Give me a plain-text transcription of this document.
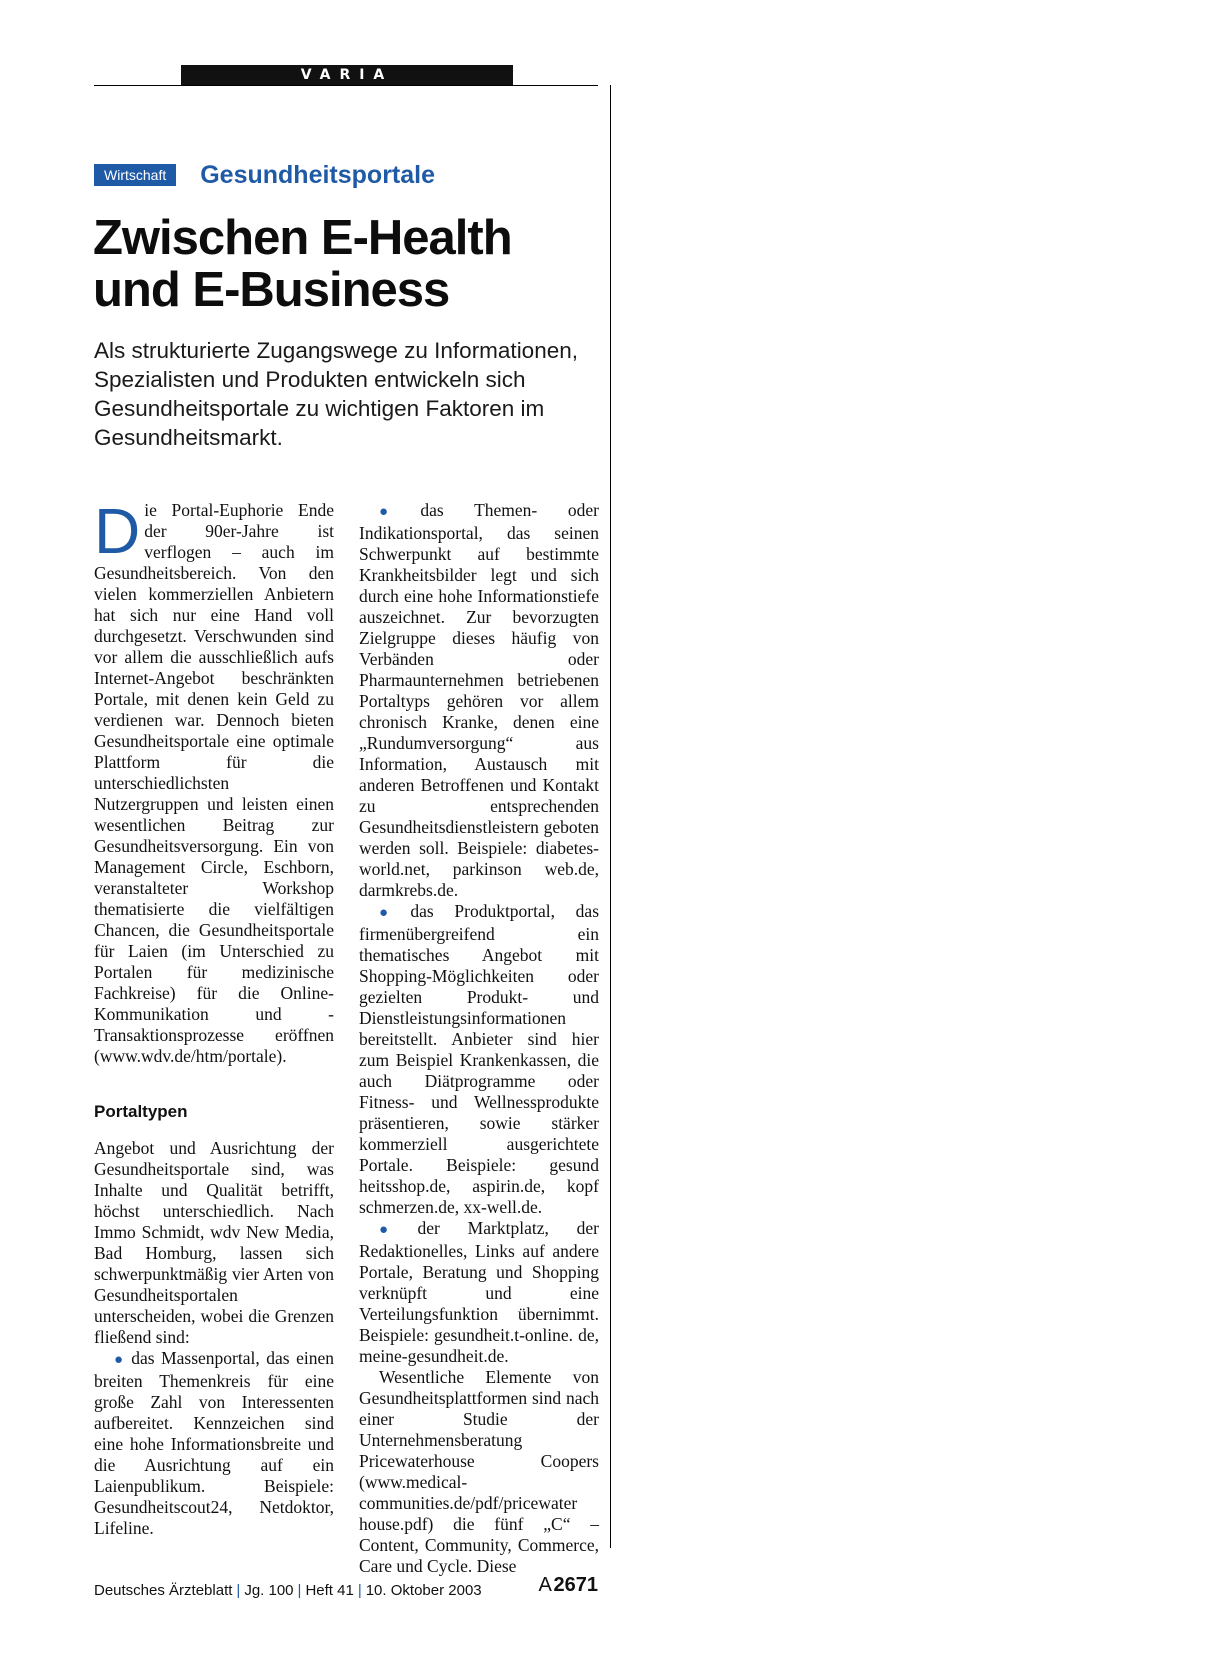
VARIA
Wirtschaft	Gesundheitsportale
Zwischen E-Health
und E-Business

Als strukturierte Zugangswege zu Informationen, Spezialisten und Produkten entwickeln sich Gesundheitsportale zu wichtigen Faktoren im Gesundheitsmarkt.

Die Portal-Euphorie Ende der 90er-Jahre ist verflogen – auch im Gesundheitsbereich. Von den vielen kommerziellen Anbietern hat sich nur eine Hand voll durchgesetzt. Verschwunden sind vor allem die ausschließlich aufs Internet-Angebot beschränkten Portale, mit denen kein Geld zu verdienen war. Dennoch bieten Gesundheitsportale eine optimale Plattform für die unterschiedlichsten Nutzergruppen und leisten einen wesentlichen Beitrag zur Gesundheitsversorgung. Ein von Management Circle, Eschborn, veranstalteter Workshop thematisierte die vielfältigen Chancen, die Gesundheitsportale für Laien (im Unterschied zu Portalen für medizinische Fachkreise) für die Online-Kommunikation und -Transaktionsprozesse eröffnen (www.wdv.de/htm/portale).

Portaltypen

Angebot und Ausrichtung der Gesundheitsportale sind, was Inhalte und Qualität betrifft, höchst unterschiedlich. Nach Immo Schmidt, wdv New Media, Bad Homburg, lassen sich schwerpunktmäßig vier Arten von Gesundheitsportalen unterscheiden, wobei die Grenzen fließend sind:

● das Massenportal, das einen breiten Themenkreis für eine große Zahl von Interessenten aufbereitet. Kennzeichen sind eine hohe Informationsbreite und die Ausrichtung auf ein Laienpublikum. Beispiele: Gesundheitscout24, Netdoktor, Lifeline.

● das Themen- oder Indikationsportal, das seinen Schwerpunkt auf bestimmte Krankheitsbilder legt und sich durch eine hohe Informationstiefe auszeichnet. Zur bevorzugten Zielgruppe dieses häufig von Verbänden oder Pharmaunternehmen betriebenen Portaltyps gehören vor allem chronisch Kranke, denen eine „Rundumversorgung“ aus Information, Austausch mit anderen Betroffenen und Kontakt zu entsprechenden Gesundheitsdienstleistern geboten werden soll. Beispiele: diabetes-world.net, parkinson web.de, darmkrebs.de.

● das Produktportal, das firmenübergreifend ein thematisches Angebot mit Shopping-Möglichkeiten oder gezielten Produkt- und Dienstleistungsinformationen bereitstellt. Anbieter sind hier zum Beispiel Krankenkassen, die auch Diätprogramme oder Fitness- und Wellnessprodukte präsentieren, sowie stärker kommerziell ausgerichtete Portale. Beispiele: gesund heitsshop.de, aspirin.de, kopf schmerzen.de, xx-well.de.

● der Marktplatz, der Redaktionelles, Links auf andere Portale, Beratung und Shopping verknüpft und eine Verteilungsfunktion übernimmt. Beispiele: gesundheit.t-online. de, meine-gesundheit.de.

Wesentliche Elemente von Gesundheitsplattformen sind nach einer Studie der Unternehmensberatung Pricewaterhouse Coopers (www.medical-communities.de/pdf/pricewater house.pdf) die fünf „C“ – Content, Community, Commerce, Care und Cycle. Diese

Deutsches Ärzteblatt | Jg. 100 | Heft 41 | 10. Oktober 2003	A 2671
